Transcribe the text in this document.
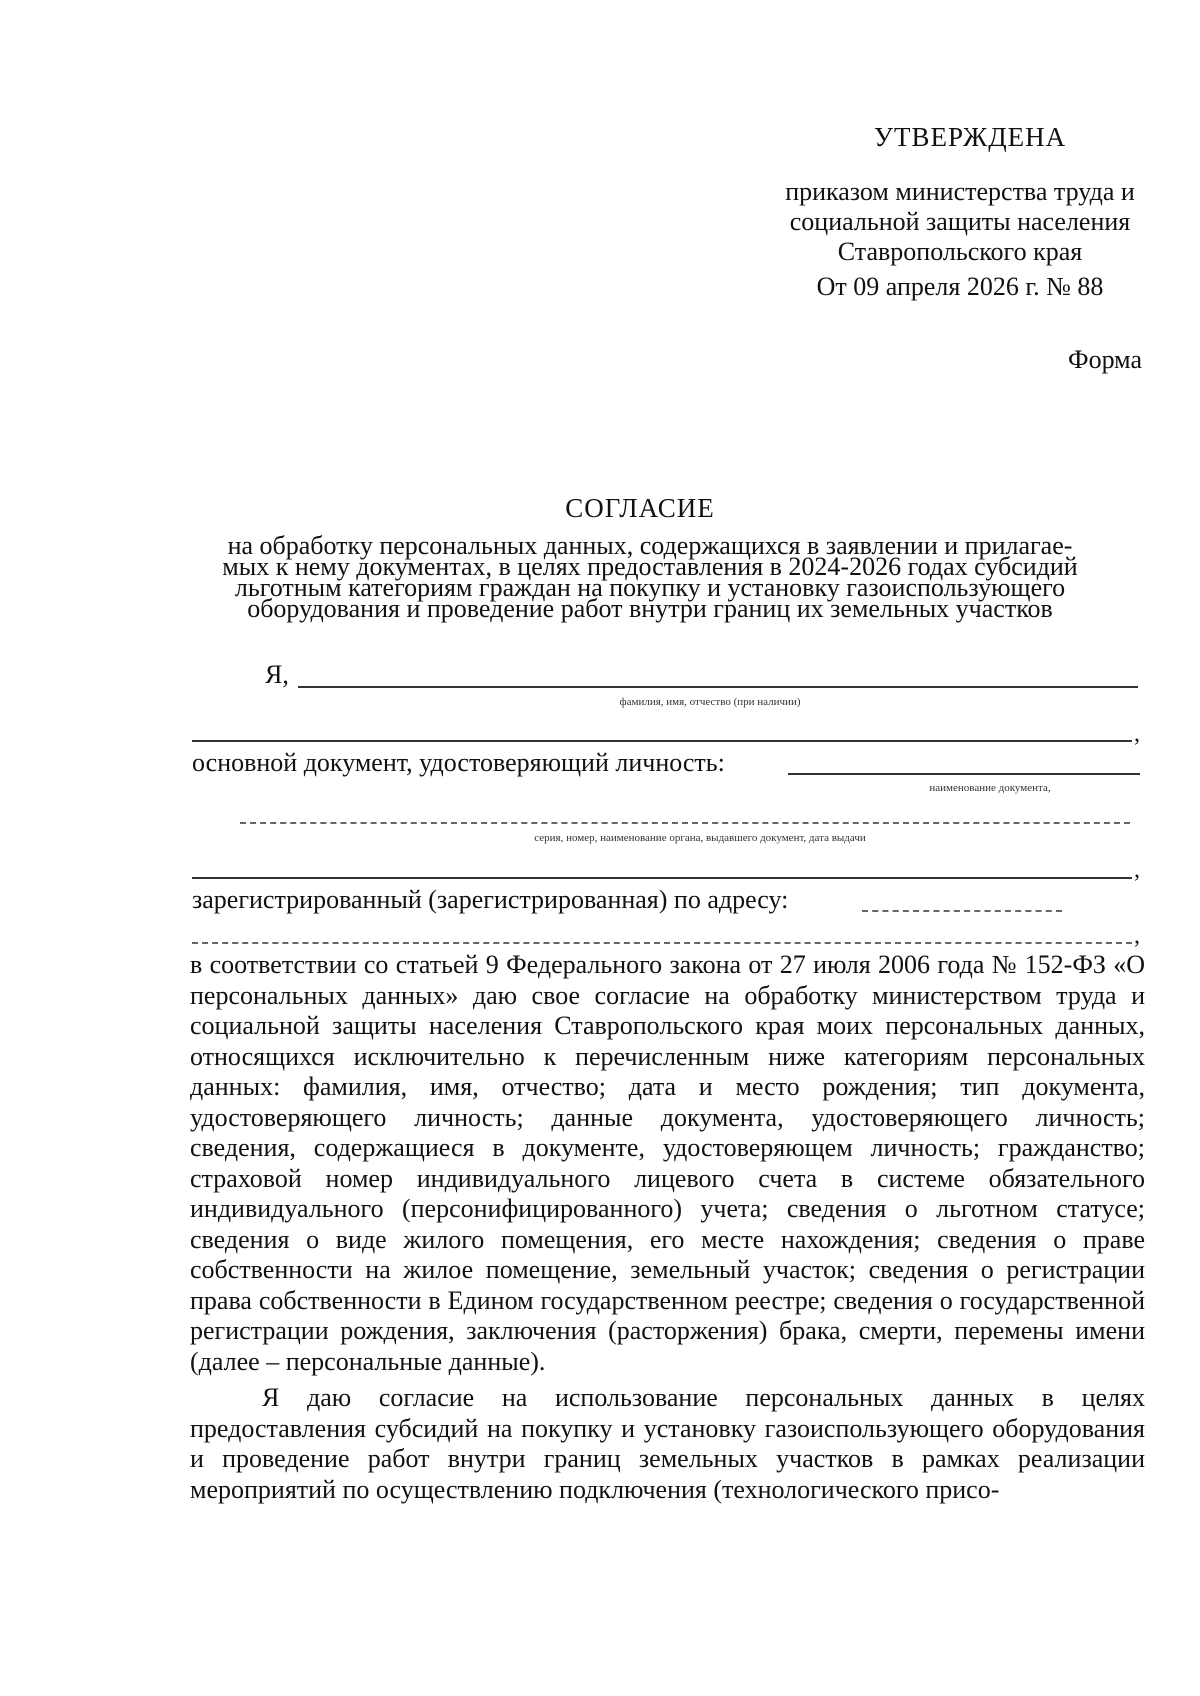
УТВЕРЖДЕНА
приказом министерства труда и
социальной защиты населения
Ставропольского края
От 09 апреля 2026 г. № 88
Форма
СОГЛАСИЕ
на обработку персональных данных, содержащихся в заявлении и прилагае-
мых к нему документах, в целях предоставления в 2024-2026 годах субсидий
льготным категориям граждан на покупку и установку газоиспользующего
оборудования и проведение работ внутри границ их земельных участков
Я,
фамилия, имя, отчество (при наличии)
,
основной документ, удостоверяющий личность:
наименование документа,
серия, номер, наименование органа, выдавшего документ, дата выдачи
,
зарегистрированный (зарегистрированная) по адресу:
,

в соответствии со статьей 9 Федерального закона от 27 июля 2006 года № 152-ФЗ «О персональных данных» даю свое согласие на обработку министерством труда и социальной защиты населения Ставропольского края моих персональных данных, относящихся исключительно к перечисленным ниже категориям персональных данных: фамилия, имя, отчество; дата и место рождения; тип документа, удостоверяющего личность; данные документа, удостоверяющего личность; сведения, содержащиеся в документе, удостоверяющем личность; гражданство; страховой номер индивидуального лицевого счета в системе обязательного индивидуального (персонифицированного) учета; сведения о льготном статусе; сведения о виде жилого помещения, его месте нахождения; сведения о праве собственности на жилое помещение, земельный участок; сведения о регистрации права собственности в Едином государственном реестре; сведения о государственной регистрации рождения, заключения (расторжения) брака, смерти, перемены имени (далее – персональные данные).

Я даю согласие на использование персональных данных в целях предоставления субсидий на покупку и установку газоиспользующего оборудования и проведение работ внутри границ земельных участков в рамках реализации мероприятий по осуществлению подключения (технологического присо-
